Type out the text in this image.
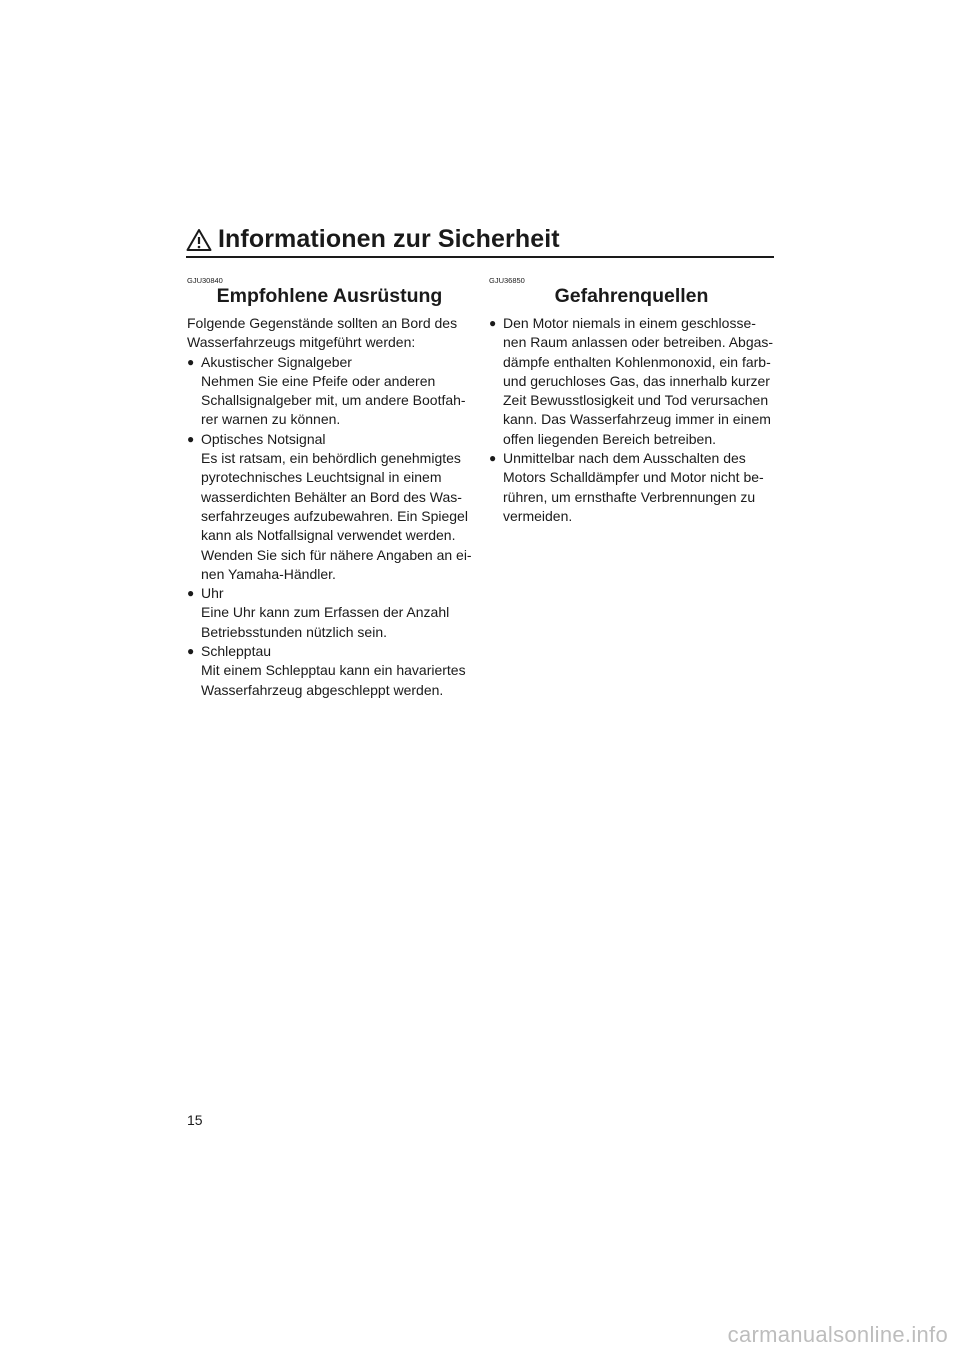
Informationen zur Sicherheit
GJU30840
Empfohlene Ausrüstung
Folgende Gegenstände sollten an Bord des Wasserfahrzeugs mitgeführt werden:
● Akustischer Signalgeber
Nehmen Sie eine Pfeife oder anderen Schallsignalgeber mit, um andere Bootfah-rer warnen zu können.
● Optisches Notsignal
Es ist ratsam, ein behördlich genehmigtes pyrotechnisches Leuchtsignal in einem wasserdichten Behälter an Bord des Was-serfahrzeuges aufzubewahren. Ein Spiegel kann als Notfallsignal verwendet werden. Wenden Sie sich für nähere Angaben an ei-nen Yamaha-Händler.
● Uhr
Eine Uhr kann zum Erfassen der Anzahl Betriebsstunden nützlich sein.
● Schlepptau
Mit einem Schlepptau kann ein havariertes Wasserfahrzeug abgeschleppt werden.
GJU36850
Gefahrenquellen
● Den Motor niemals in einem geschlosse-nen Raum anlassen oder betreiben. Abgas-dämpfe enthalten Kohlenmonoxid, ein farb- und geruchloses Gas, das innerhalb kurzer Zeit Bewusstlosigkeit und Tod verursachen kann. Das Wasserfahrzeug immer in einem offen liegenden Bereich betreiben.
● Unmittelbar nach dem Ausschalten des Motors Schalldämpfer und Motor nicht be-rühren, um ernsthafte Verbrennungen zu vermeiden.
15
carmanualsonline.info
